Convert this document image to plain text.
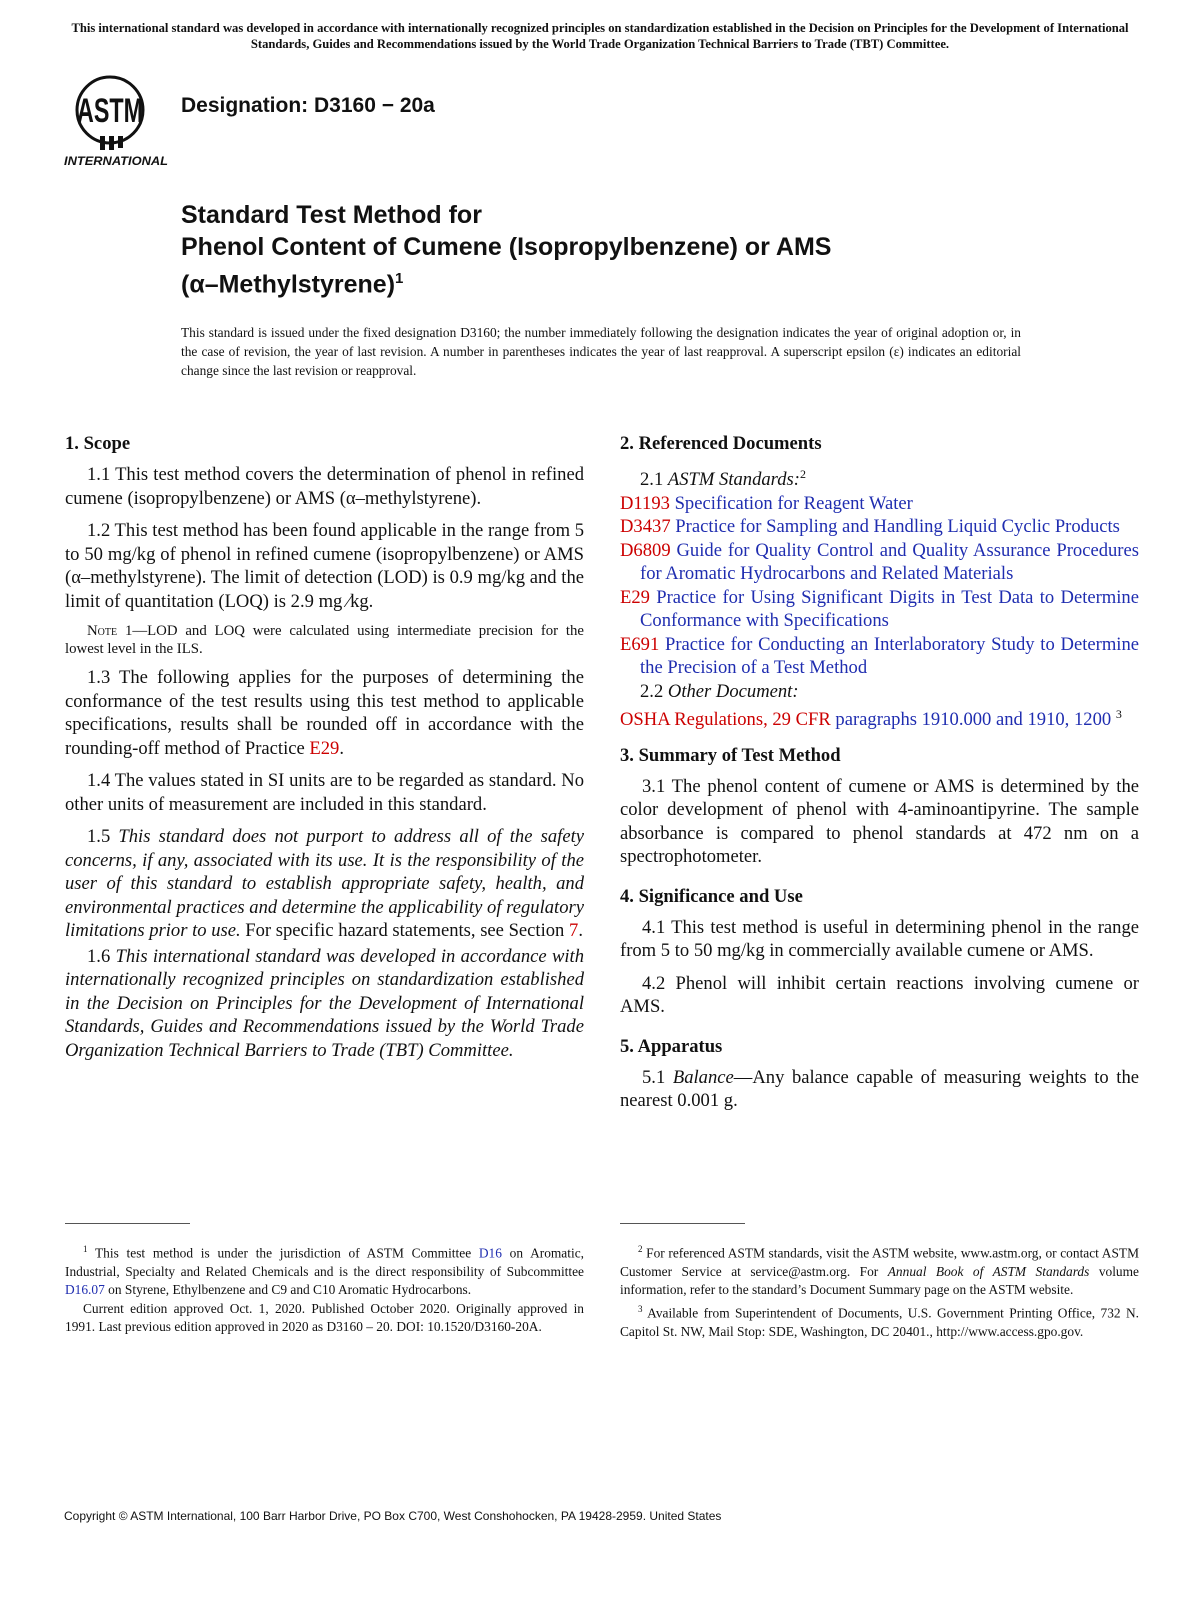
This international standard was developed in accordance with internationally recognized principles on standardization established in the Decision on Principles for the Development of International Standards, Guides and Recommendations issued by the World Trade Organization Technical Barriers to Trade (TBT) Committee.
ASTM
INTERNATIONAL
Designation: D3160 − 20a
Standard Test Method for
Phenol Content of Cumene (Isopropylbenzene) or AMS
(α–Methylstyrene)$^1$
This standard is issued under the fixed designation D3160; the number immediately following the designation indicates the year of original adoption or, in the case of revision, the year of last revision. A number in parentheses indicates the year of last reapproval. A superscript epsilon (ε) indicates an editorial change since the last revision or reapproval.
1. Scope

1.1 This test method covers the determination of phenol in refined cumene (isopropylbenzene) or AMS (α–methylstyrene).

1.2 This test method has been found applicable in the range from 5 to 50 mg/kg of phenol in refined cumene (isopropylbenzene) or AMS (α–methylstyrene). The limit of detection (LOD) is 0.9 mg/kg and the limit of quantitation (LOQ) is 2.9 mg ⁄kg.

Note 1—LOD and LOQ were calculated using intermediate precision for the lowest level in the ILS.

1.3 The following applies for the purposes of determining the conformance of the test results using this test method to applicable specifications, results shall be rounded off in accordance with the rounding-off method of Practice E29.

1.4 The values stated in SI units are to be regarded as standard. No other units of measurement are included in this standard.

1.5 This standard does not purport to address all of the safety concerns, if any, associated with its use. It is the responsibility of the user of this standard to establish appropriate safety, health, and environmental practices and determine the applicability of regulatory limitations prior to use. For specific hazard statements, see Section 7.

1.6 This international standard was developed in accordance with internationally recognized principles on standardization established in the Decision on Principles for the Development of International Standards, Guides and Recommendations issued by the World Trade Organization Technical Barriers to Trade (TBT) Committee.

2. Referenced Documents
2.1 ASTM Standards:$^2$
D1193 Specification for Reagent Water
D3437 Practice for Sampling and Handling Liquid Cyclic Products
D6809 Guide for Quality Control and Quality Assurance Procedures for Aromatic Hydrocarbons and Related Materials
E29 Practice for Using Significant Digits in Test Data to Determine Conformance with Specifications
E691 Practice for Conducting an Interlaboratory Study to Determine the Precision of a Test Method
2.2 Other Document:
OSHA Regulations, 29 CFR paragraphs 1910.000 and 1910, 1200 $^3$
3. Summary of Test Method

3.1 The phenol content of cumene or AMS is determined by the color development of phenol with 4-aminoantipyrine. The sample absorbance is compared to phenol standards at 472 nm on a spectrophotometer.

4. Significance and Use

4.1 This test method is useful in determining phenol in the range from 5 to 50 mg/kg in commercially available cumene or AMS.

4.2 Phenol will inhibit certain reactions involving cumene or AMS.

5. Apparatus

5.1 Balance—Any balance capable of measuring weights to the nearest 0.001 g.

$^1$ This test method is under the jurisdiction of ASTM Committee D16 on Aromatic, Industrial, Specialty and Related Chemicals and is the direct responsibility of Subcommittee D16.07 on Styrene, Ethylbenzene and C9 and C10 Aromatic Hydrocarbons.

Current edition approved Oct. 1, 2020. Published October 2020. Originally approved in 1991. Last previous edition approved in 2020 as D3160 – 20. DOI: 10.1520/D3160-20A.

$^2$ For referenced ASTM standards, visit the ASTM website, www.astm.org, or contact ASTM Customer Service at service@astm.org. For Annual Book of ASTM Standards volume information, refer to the standard’s Document Summary page on the ASTM website.

$^3$ Available from Superintendent of Documents, U.S. Government Printing Office, 732 N. Capitol St. NW, Mail Stop: SDE, Washington, DC 20401., http://www.access.gpo.gov.

Copyright © ASTM International, 100 Barr Harbor Drive, PO Box C700, West Conshohocken, PA 19428-2959. United States
